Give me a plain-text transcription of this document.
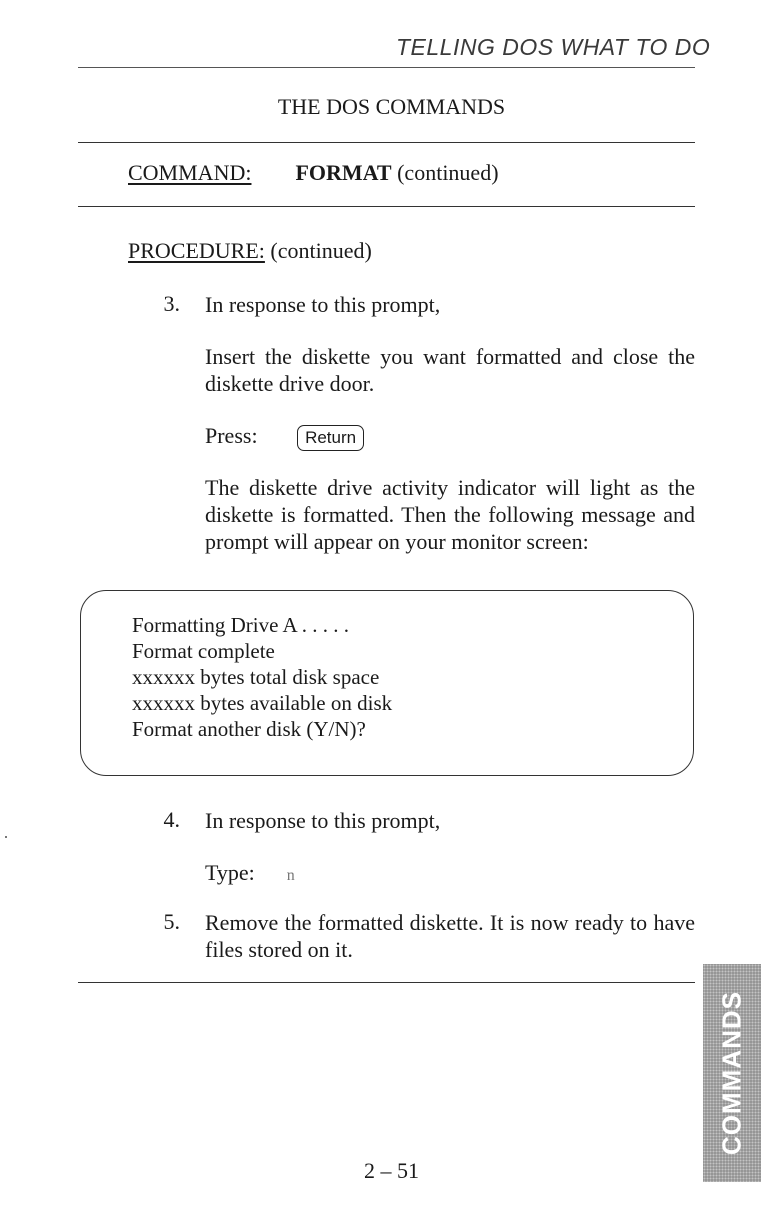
TELLING DOS WHAT TO DO
THE DOS COMMANDS
COMMAND: FORMAT (continued)
PROCEDURE: (continued)
3. In response to this prompt,
Insert the diskette you want formatted and close the diskette drive door.
Press:	Return
The diskette drive activity indicator will light as the diskette is formatted. Then the following message and prompt will appear on your monitor screen:
Formatting Drive A . . . . .
Format complete
xxxxxx bytes total disk space
xxxxxx bytes available on disk
Format another disk (Y/N)?
4. In response to this prompt,
Type: n
5. Remove the formatted diskette. It is now ready to have files stored on it.
COMMANDS
2 – 51
